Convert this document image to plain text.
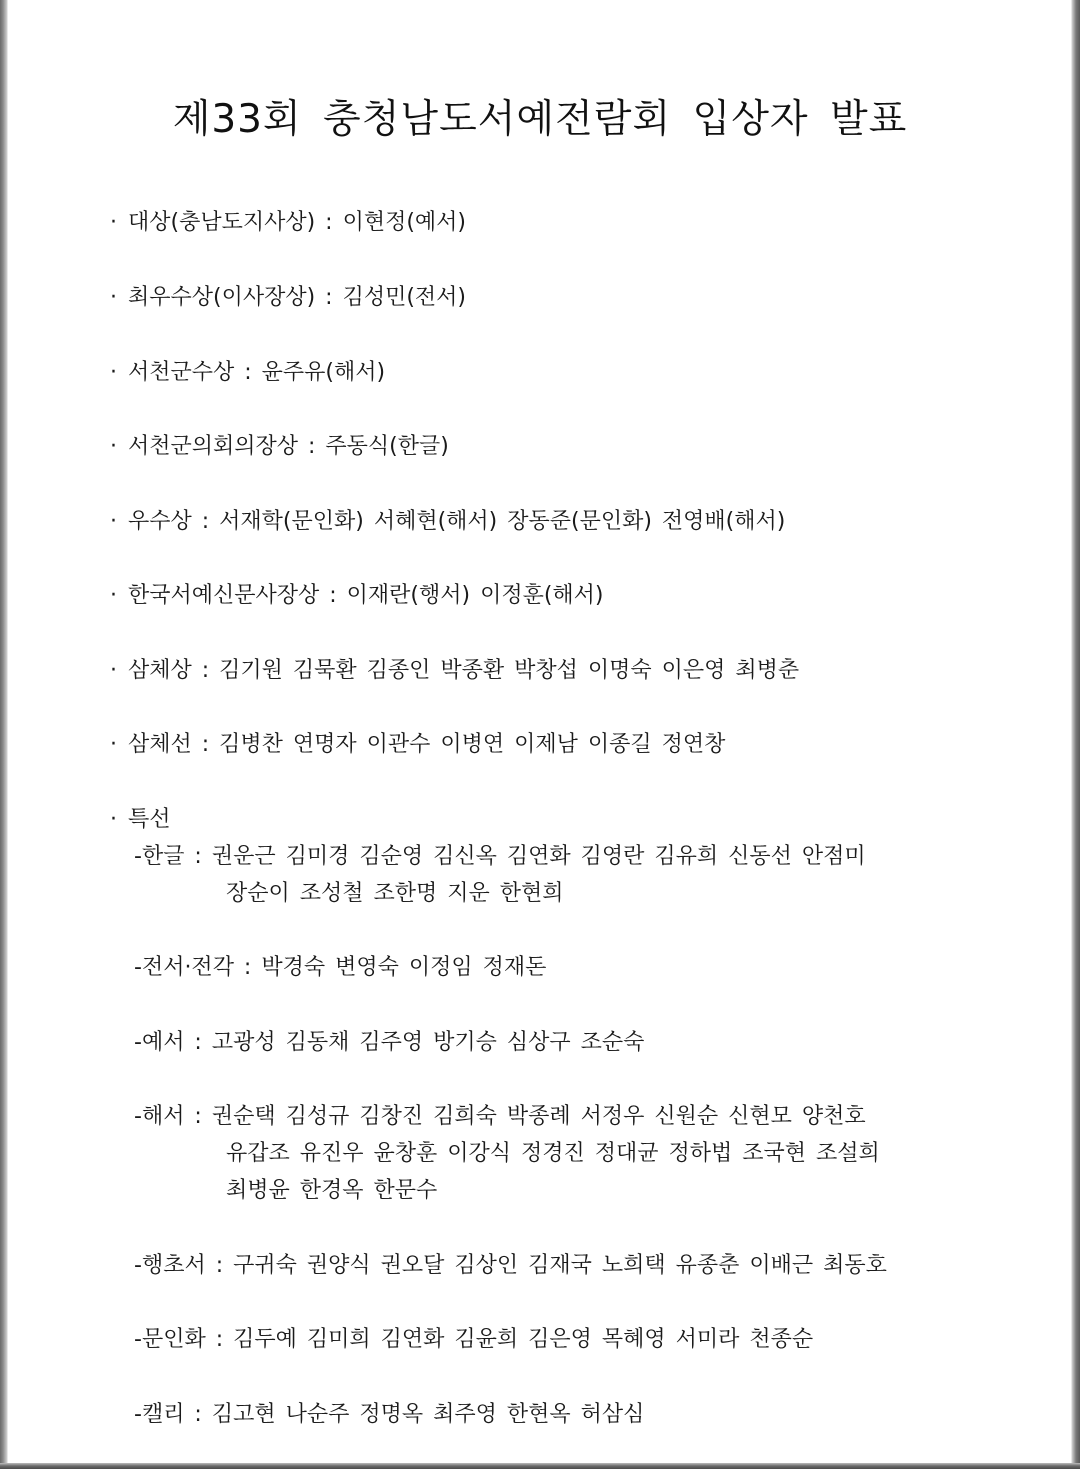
제33회 충청남도서예전람회 입상자 발표
· 대상(충남도지사상) : 이현정(예서)
· 최우수상(이사장상) : 김성민(전서)
· 서천군수상 : 윤주유(해서)
· 서천군의회의장상 : 주동식(한글)
· 우수상 : 서재학(문인화) 서혜현(해서) 장동준(문인화) 전영배(해서)
· 한국서예신문사장상 : 이재란(행서) 이정훈(해서)
· 삼체상 : 김기원 김묵환 김종인 박종환 박창섭 이명숙 이은영 최병춘
· 삼체선 : 김병찬 연명자 이관수 이병연 이제남 이종길 정연창
· 특선
-한글 : 권운근 김미경 김순영 김신옥 김연화 김영란 김유희 신동선 안점미
장순이 조성철 조한명 지운 한현희
-전서·전각 : 박경숙 변영숙 이정임 정재돈
-예서 : 고광성 김동채 김주영 방기승 심상구 조순숙
-해서 : 권순택 김성규 김창진 김희숙 박종례 서정우 신원순 신현모 양천호
유갑조 유진우 윤창훈 이강식 정경진 정대균 정하법 조국현 조설희
최병윤 한경옥 한문수
-행초서 : 구귀숙 권양식 권오달 김상인 김재국 노희택 유종춘 이배근 최동호
-문인화 : 김두예 김미희 김연화 김윤희 김은영 목혜영 서미라 천종순
-캘리 : 김고현 나순주 정명옥 최주영 한현옥 허삼심
